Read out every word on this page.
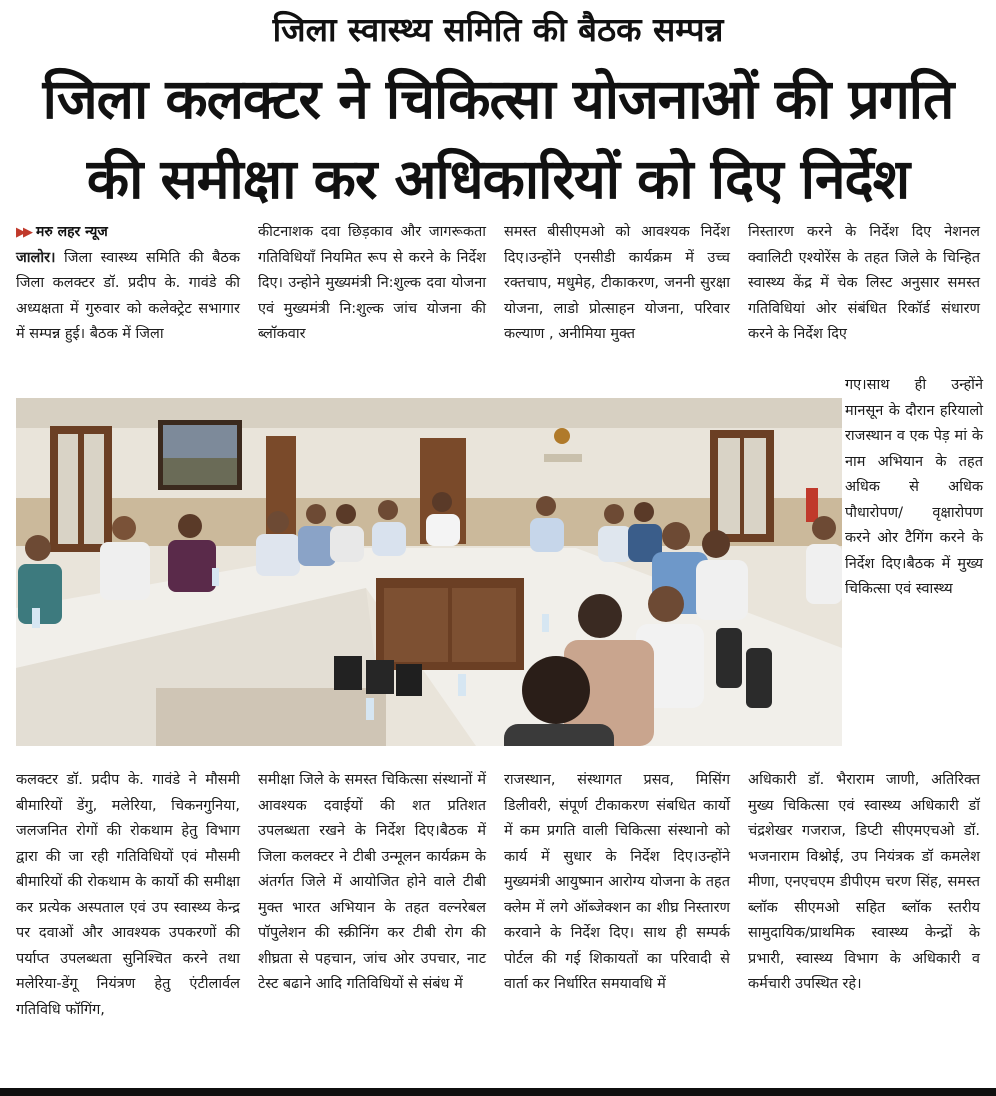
जिला स्वास्थ्य समिति की बैठक सम्पन्न
जिला कलक्टर ने चिकित्सा योजनाओं की प्रगति
की समीक्षा कर अधिकारियों को दिए निर्देश
▶▶ मरु लहर न्यूज
जालोर। जिला स्वास्थ्य समिति की बैठक जिला कलक्टर डॉ. प्रदीप के. गावंडे की अध्यक्षता में गुरुवार को कलेक्ट्रेट सभागार में सम्पन्न हुई। बैठक में जिला
कीटनाशक दवा छिड़काव और जागरूकता गतिविधियाँ नियमित रूप से करने के निर्देश दिए। उन्होने मुख्यमंत्री नि:शुल्क दवा योजना एवं मुख्यमंत्री नि:शुल्क जांच योजना की ब्लॉकवार
समस्त बीसीएमओ को आवश्यक निर्देश दिए।उन्होंने एनसीडी कार्यक्रम में उच्च रक्तचाप, मधुमेह, टीकाकरण, जननी सुरक्षा योजना, लाडो प्रोत्साहन योजना, परिवार कल्याण , अनीमिया मुक्त
निस्तारण करने के निर्देश दिए नेशनल क्वालिटी एश्योरेंस के तहत जिले के चिन्हित स्वास्थ्य केंद्र में चेक लिस्ट अनुसार समस्त गतिविधियां ओर संबंधित रिकॉर्ड संधारण करने के निर्देश दिए
गए।साथ ही उन्होंने मानसून के दौरान हरियालो राजस्थान व एक पेड़ मां के नाम अभियान के तहत अधिक से अधिक पौधारोपण/ वृक्षारोपण करने ओर टैगिंग करने के निर्देश दिए।बैठक में मुख्य चिकित्सा एवं स्वास्थ्य
कलक्टर डॉ. प्रदीप के. गावंडे ने मौसमी बीमारियों डेंगु, मलेरिया, चिकनगुनिया, जलजनित रोगों की रोकथाम हेतु विभाग द्वारा की जा रही गतिविधियों एवं मौसमी बीमारियों की रोकथाम के कार्यो की समीक्षा कर प्रत्येक अस्पताल एवं उप स्वास्थ्य केन्द्र पर दवाओं और आवश्यक उपकरणों की पर्याप्त उपलब्धता सुनिश्चित करने तथा मलेरिया-डेंगू नियंत्रण हेतु एंटीलार्वल गतिविधि फॉगिंग,
समीक्षा जिले के समस्त चिकित्सा संस्थानों में आवश्यक दवाईयों की शत प्रतिशत उपलब्धता रखने के निर्देश दिए।बैठक में जिला कलक्टर ने टीबी उन्मूलन कार्यक्रम के अंतर्गत जिले में आयोजित होने वाले टीबी मुक्त भारत अभियान के तहत वल्नरेबल पॉपुलेशन की स्क्रीनिंग कर टीबी रोग की शीघ्रता से पहचान, जांच ओर उपचार, नाट टेस्ट बढाने आदि गतिविधियों से संबंध में
राजस्थान, संस्थागत प्रसव, मिसिंग डिलीवरी, संपूर्ण टीकाकरण संबधित कार्यो में कम प्रगति वाली चिकित्सा संस्थानो को कार्य में सुधार के निर्देश दिए।उन्होंने मुख्यमंत्री आयुष्मान आरोग्य योजना के तहत क्लेम में लगे ऑब्जेक्शन का शीघ्र निस्तारण करवाने के निर्देश दिए। साथ ही सम्पर्क पोर्टल की गई शिकायतों का परिवादी से वार्ता कर निर्धारित समयावधि में
अधिकारी डॉ. भैराराम जाणी, अतिरिक्त मुख्य चिकित्सा एवं स्वास्थ्य अधिकारी डॉ चंद्रशेखर गजराज, डिप्टी सीएमएचओ डॉ. भजनाराम विश्नोई, उप नियंत्रक डॉ कमलेश मीणा, एनएचएम डीपीएम चरण सिंह, समस्त ब्लॉक सीएमओ सहित ब्लॉक स्तरीय सामुदायिक/प्राथमिक स्वास्थ्य केन्द्रों के प्रभारी, स्वास्थ्य विभाग के अधिकारी व कर्मचारी उपस्थित रहे।
